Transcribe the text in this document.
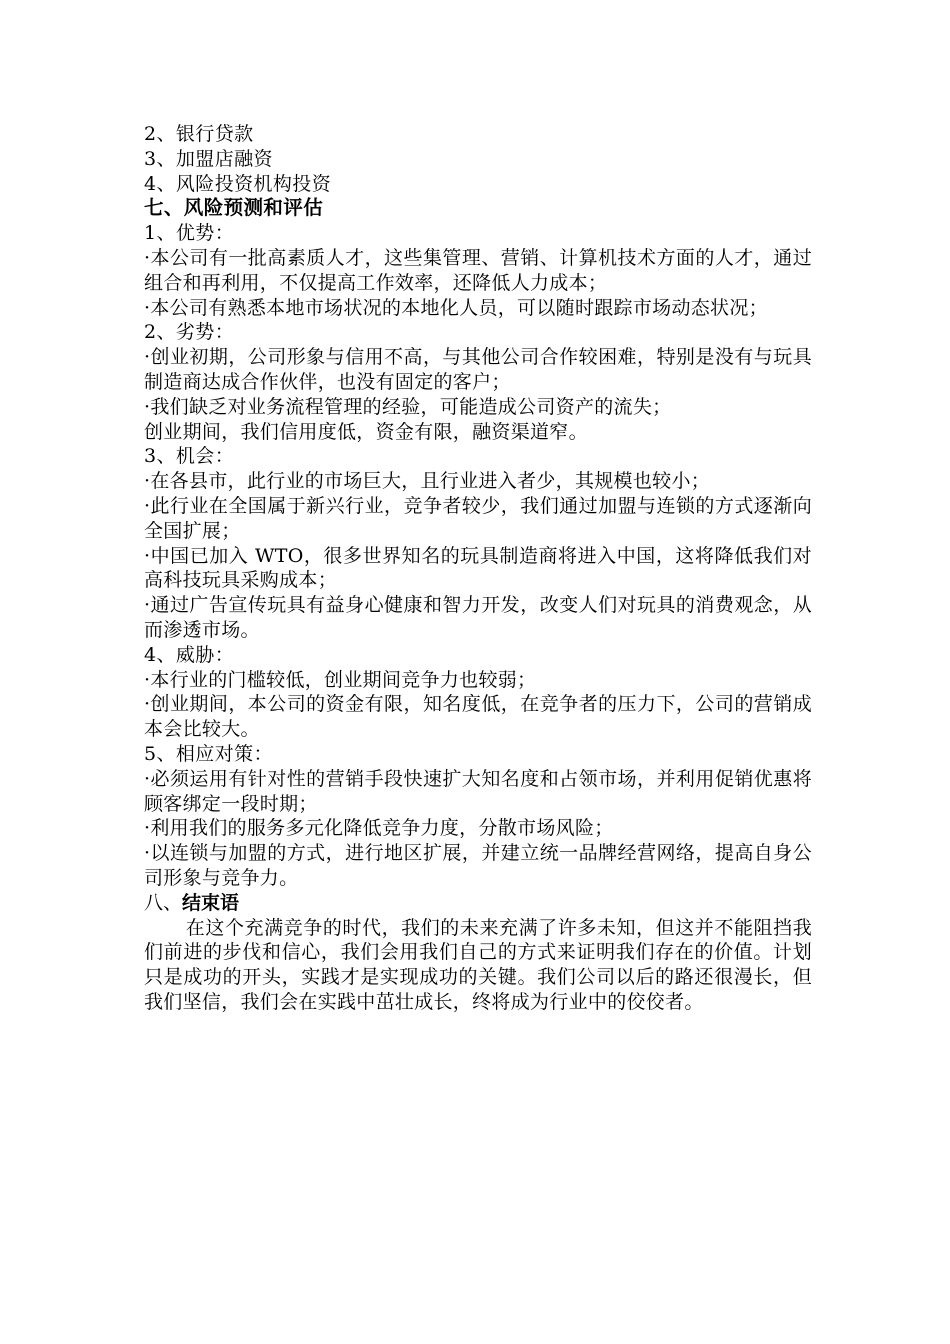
2、银行贷款
3、加盟店融资
4、风险投资机构投资
七、风险预测和评估
1、优势：
·本公司有一批高素质人才，这些集管理、营销、计算机技术方面的人才，通过组合和再利用，不仅提高工作效率，还降低人力成本；
·本公司有熟悉本地市场状况的本地化人员，可以随时跟踪市场动态状况；
2、劣势：
·创业初期，公司形象与信用不高，与其他公司合作较困难，特别是没有与玩具制造商达成合作伙伴，也没有固定的客户；
·我们缺乏对业务流程管理的经验，可能造成公司资产的流失；
创业期间，我们信用度低，资金有限，融资渠道窄。
3、机会：
·在各县市，此行业的市场巨大，且行业进入者少，其规模也较小；
·此行业在全国属于新兴行业，竞争者较少，我们通过加盟与连锁的方式逐渐向全国扩展；
·中国已加入 WTO，很多世界知名的玩具制造商将进入中国，这将降低我们对高科技玩具采购成本；
·通过广告宣传玩具有益身心健康和智力开发，改变人们对玩具的消费观念，从而渗透市场。
4、威胁：
·本行业的门槛较低，创业期间竞争力也较弱；
·创业期间，本公司的资金有限，知名度低，在竞争者的压力下，公司的营销成本会比较大。
5、相应对策：
·必须运用有针对性的营销手段快速扩大知名度和占领市场，并利用促销优惠将顾客绑定一段时期；
·利用我们的服务多元化降低竞争力度，分散市场风险；
·以连锁与加盟的方式，进行地区扩展，并建立统一品牌经营网络，提高自身公司形象与竞争力。
八、结束语
在这个充满竞争的时代，我们的未来充满了许多未知，但这并不能阻挡我们前进的步伐和信心，我们会用我们自己的方式来证明我们存在的价值。计划只是成功的开头，实践才是实现成功的关键。我们公司以后的路还很漫长，但我们坚信，我们会在实践中茁壮成长，终将成为行业中的佼佼者。
